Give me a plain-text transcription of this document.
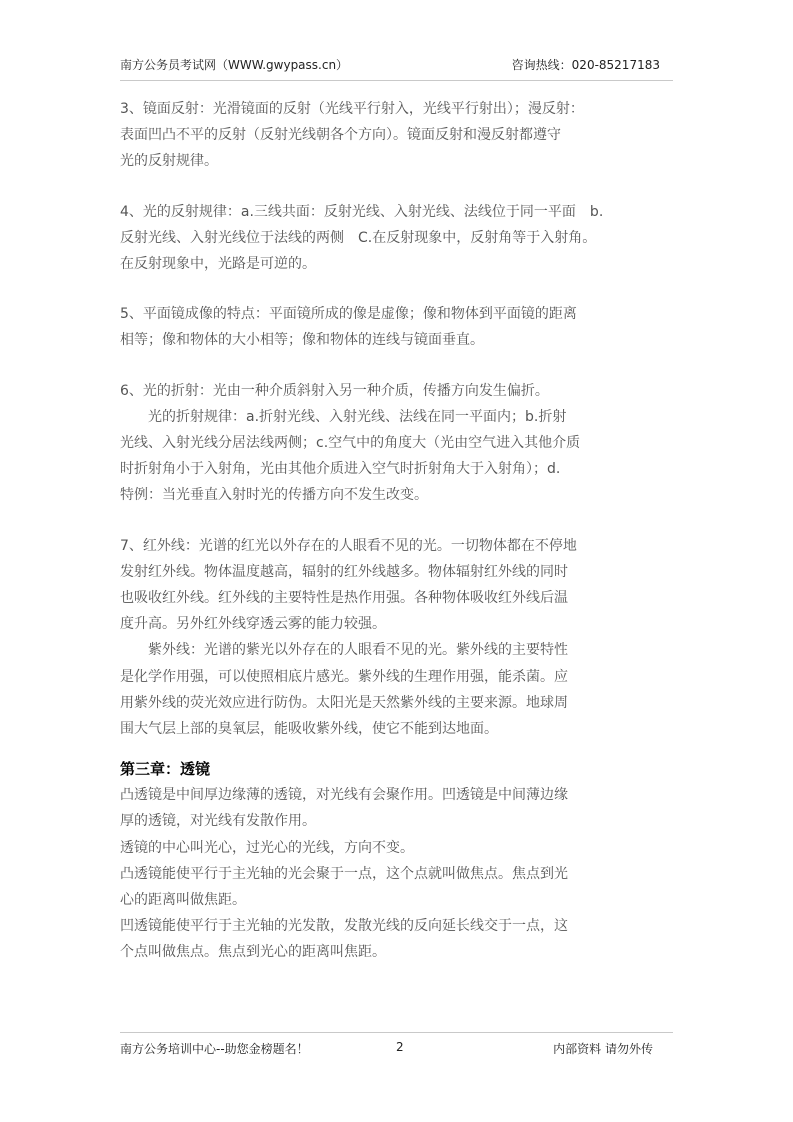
南方公务员考试网（WWW.gwypass.cn）	咨询热线：020-85217183
3、镜面反射：光滑镜面的反射（光线平行射入，光线平行射出）；漫反射：
表面凹凸不平的反射（反射光线朝各个方向）。镜面反射和漫反射都遵守
光的反射规律。
4、光的反射规律：a.三线共面：反射光线、入射光线、法线位于同一平面　b.
反射光线、入射光线位于法线的两侧　C.在反射现象中，反射角等于入射角。
在反射现象中，光路是可逆的。
5、平面镜成像的特点：平面镜所成的像是虚像；像和物体到平面镜的距离
相等；像和物体的大小相等；像和物体的连线与镜面垂直。
6、光的折射：光由一种介质斜射入另一种介质，传播方向发生偏折。
　　光的折射规律：a.折射光线、入射光线、法线在同一平面内；b.折射
光线、入射光线分居法线两侧；c.空气中的角度大（光由空气进入其他介质
时折射角小于入射角，光由其他介质进入空气时折射角大于入射角）；d.
特例：当光垂直入射时光的传播方向不发生改变。
7、红外线：光谱的红光以外存在的人眼看不见的光。一切物体都在不停地
发射红外线。物体温度越高，辐射的红外线越多。物体辐射红外线的同时
也吸收红外线。红外线的主要特性是热作用强。各种物体吸收红外线后温
度升高。另外红外线穿透云雾的能力较强。
　　紫外线：光谱的紫光以外存在的人眼看不见的光。紫外线的主要特性
是化学作用强，可以使照相底片感光。紫外线的生理作用强，能杀菌。应
用紫外线的荧光效应进行防伪。太阳光是天然紫外线的主要来源。地球周
围大气层上部的臭氧层，能吸收紫外线，使它不能到达地面。
第三章：透镜
凸透镜是中间厚边缘薄的透镜，对光线有会聚作用。凹透镜是中间薄边缘
厚的透镜，对光线有发散作用。
透镜的中心叫光心，过光心的光线，方向不变。
凸透镜能使平行于主光轴的光会聚于一点，这个点就叫做焦点。焦点到光
心的距离叫做焦距。
凹透镜能使平行于主光轴的光发散，发散光线的反向延长线交于一点，这
个点叫做焦点。焦点到光心的距离叫焦距。
南方公务培训中心--助您金榜题名！	2	内部资料 请勿外传
